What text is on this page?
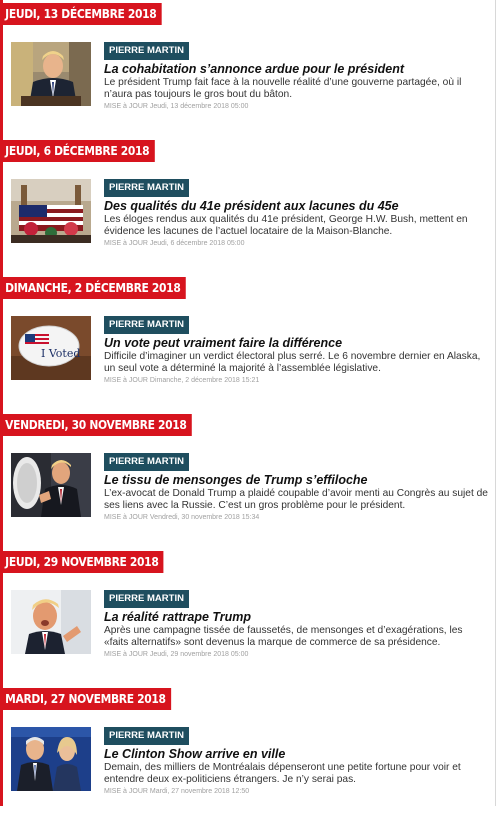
JEUDI, 13 DÉCEMBRE 2018
PIERRE MARTIN
La cohabitation s’annonce ardue pour le président
Le président Trump fait face à la nouvelle réalité d’une gouverne partagée, où il n’aura pas toujours le gros bout du bâton.
MISE à JOUR Jeudi, 13 décembre 2018 05:00
JEUDI, 6 DÉCEMBRE 2018
PIERRE MARTIN
Des qualités du 41e président aux lacunes du 45e
Les éloges rendus aux qualités du 41e président, George H.W. Bush, mettent en évidence les lacunes de l’actuel locataire de la Maison-Blanche.
MISE à JOUR Jeudi, 6 décembre 2018 05:00
DIMANCHE, 2 DÉCEMBRE 2018
I Voted
PIERRE MARTIN
Un vote peut vraiment faire la différence
Difficile d’imaginer un verdict électoral plus serré. Le 6 novembre dernier en Alaska, un seul vote a déterminé la majorité à l’assemblée législative.
MISE à JOUR Dimanche, 2 décembre 2018 15:21
VENDREDI, 30 NOVEMBRE 2018
PIERRE MARTIN
Le tissu de mensonges de Trump s’effiloche
L’ex-avocat de Donald Trump a plaidé coupable d’avoir menti au Congrès au sujet de ses liens avec la Russie. C’est un gros problème pour le président.
MISE à JOUR Vendredi, 30 novembre 2018 15:34
JEUDI, 29 NOVEMBRE 2018
PIERRE MARTIN
La réalité rattrape Trump
Après une campagne tissée de faussetés, de mensonges et d’exagérations, les «faits alternatifs» sont devenus la marque de commerce de sa présidence.
MISE à JOUR Jeudi, 29 novembre 2018 05:00
MARDI, 27 NOVEMBRE 2018
PIERRE MARTIN
Le Clinton Show arrive en ville
Demain, des milliers de Montréalais dépenseront une petite fortune pour voir et entendre deux ex-politiciens étrangers. Je n’y serai pas.
MISE à JOUR Mardi, 27 novembre 2018 12:50
